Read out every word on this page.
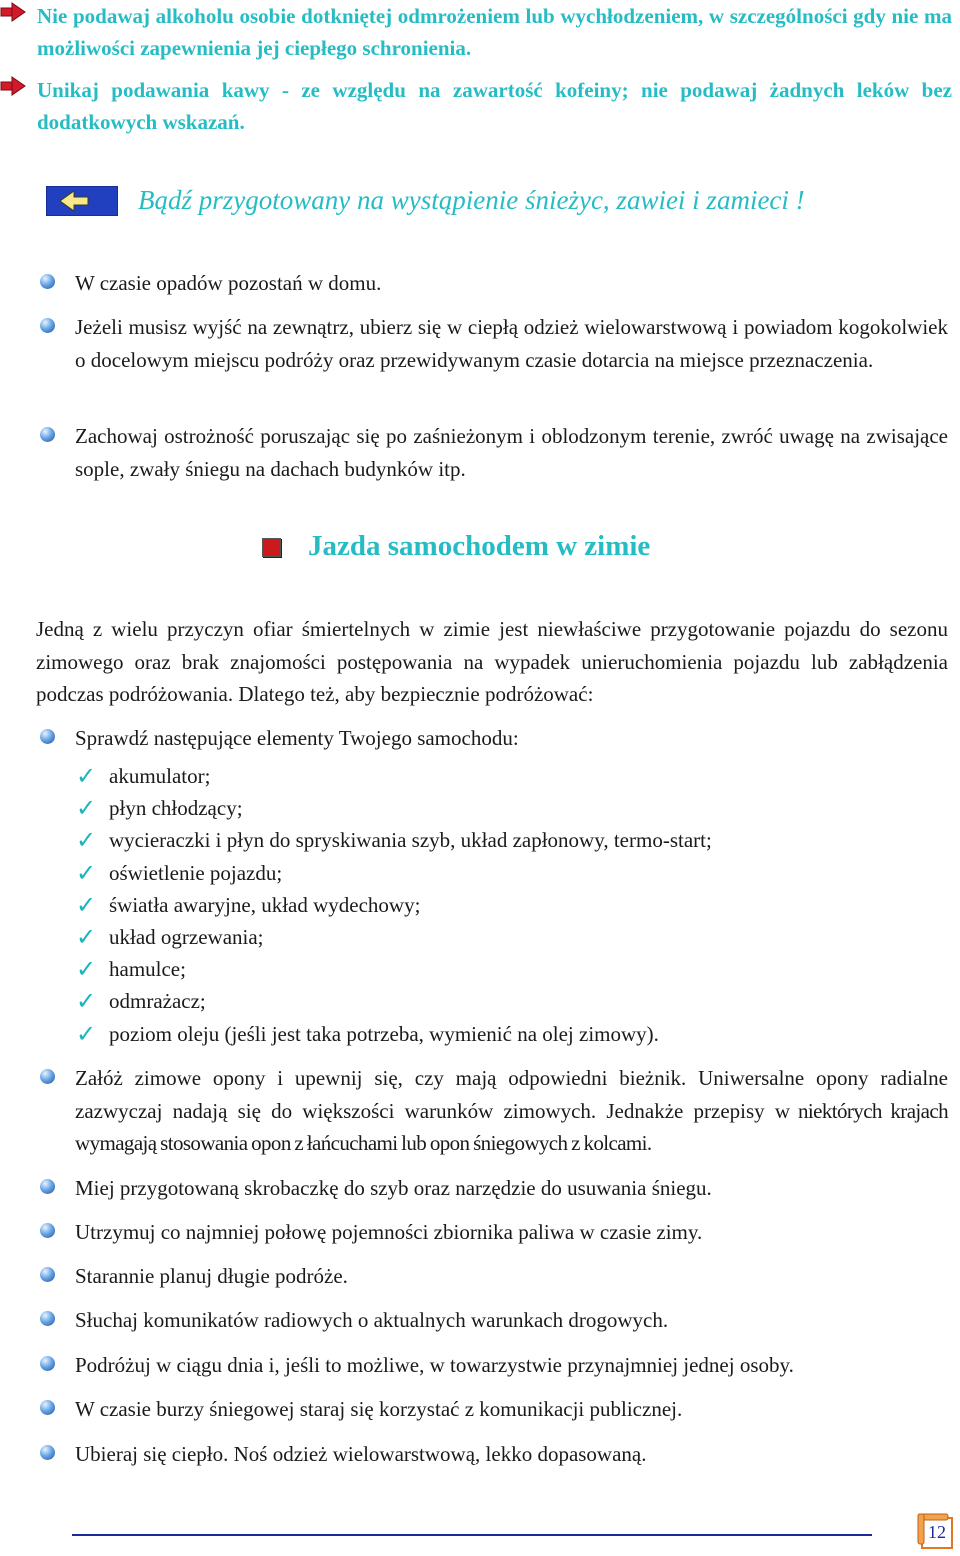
Nie podawaj alkoholu osobie dotkniętej odmrożeniem lub wychłodzeniem, w szczególności gdy nie ma możliwości zapewnienia jej ciepłego schronienia.
Unikaj podawania kawy - ze względu na zawartość kofeiny; nie podawaj żadnych leków bez dodatkowych wskazań.
Bądź przygotowany na wystąpienie śnieżyc, zawiei i zamieci !
W czasie opadów pozostań w domu.
Jeżeli musisz wyjść na zewnątrz, ubierz się w ciepłą odzież wielowarstwową i powiadom kogokolwiek o docelowym miejscu podróży oraz przewidywanym czasie dotarcia na miejsce przeznaczenia.
Zachowaj ostrożność poruszając się po zaśnieżonym i oblodzonym terenie, zwróć uwagę na zwisające sople, zwały śniegu na dachach budynków itp.
Jazda samochodem w zimie
Jedną z wielu przyczyn ofiar śmiertelnych w zimie jest niewłaściwe przygotowanie pojazdu do sezonu zimowego oraz brak znajomości postępowania na wypadek unieruchomienia pojazdu lub zabłądzenia podczas podróżowania. Dlatego też, aby bezpiecznie podróżować:
Sprawdź następujące elementy Twojego samochodu:
✓ akumulator;
✓ płyn chłodzący;
✓ wycieraczki i płyn do spryskiwania szyb, układ zapłonowy, termo-start;
✓ oświetlenie pojazdu;
✓ światła awaryjne, układ wydechowy;
✓ układ ogrzewania;
✓ hamulce;
✓ odmrażacz;
✓ poziom oleju (jeśli jest taka potrzeba, wymienić na olej zimowy).
Załóż zimowe opony i upewnij się, czy mają odpowiedni bieżnik. Uniwersalne opony radialne zazwyczaj nadają się do większości warunków zimowych. Jednakże przepisy w niektórych krajach wymagają stosowania opon z łańcuchami lub opon śniegowych z kolcami.
Miej przygotowaną skrobaczkę do szyb oraz narzędzie do usuwania śniegu.
Utrzymuj co najmniej połowę pojemności zbiornika paliwa w czasie zimy.
Starannie planuj długie podróże.
Słuchaj komunikatów radiowych o aktualnych warunkach drogowych.
Podróżuj w ciągu dnia i, jeśli to możliwe, w towarzystwie przynajmniej jednej osoby.
W czasie burzy śniegowej staraj się korzystać z komunikacji publicznej.
Ubieraj się ciepło. Noś odzież wielowarstwową, lekko dopasowaną.
12
